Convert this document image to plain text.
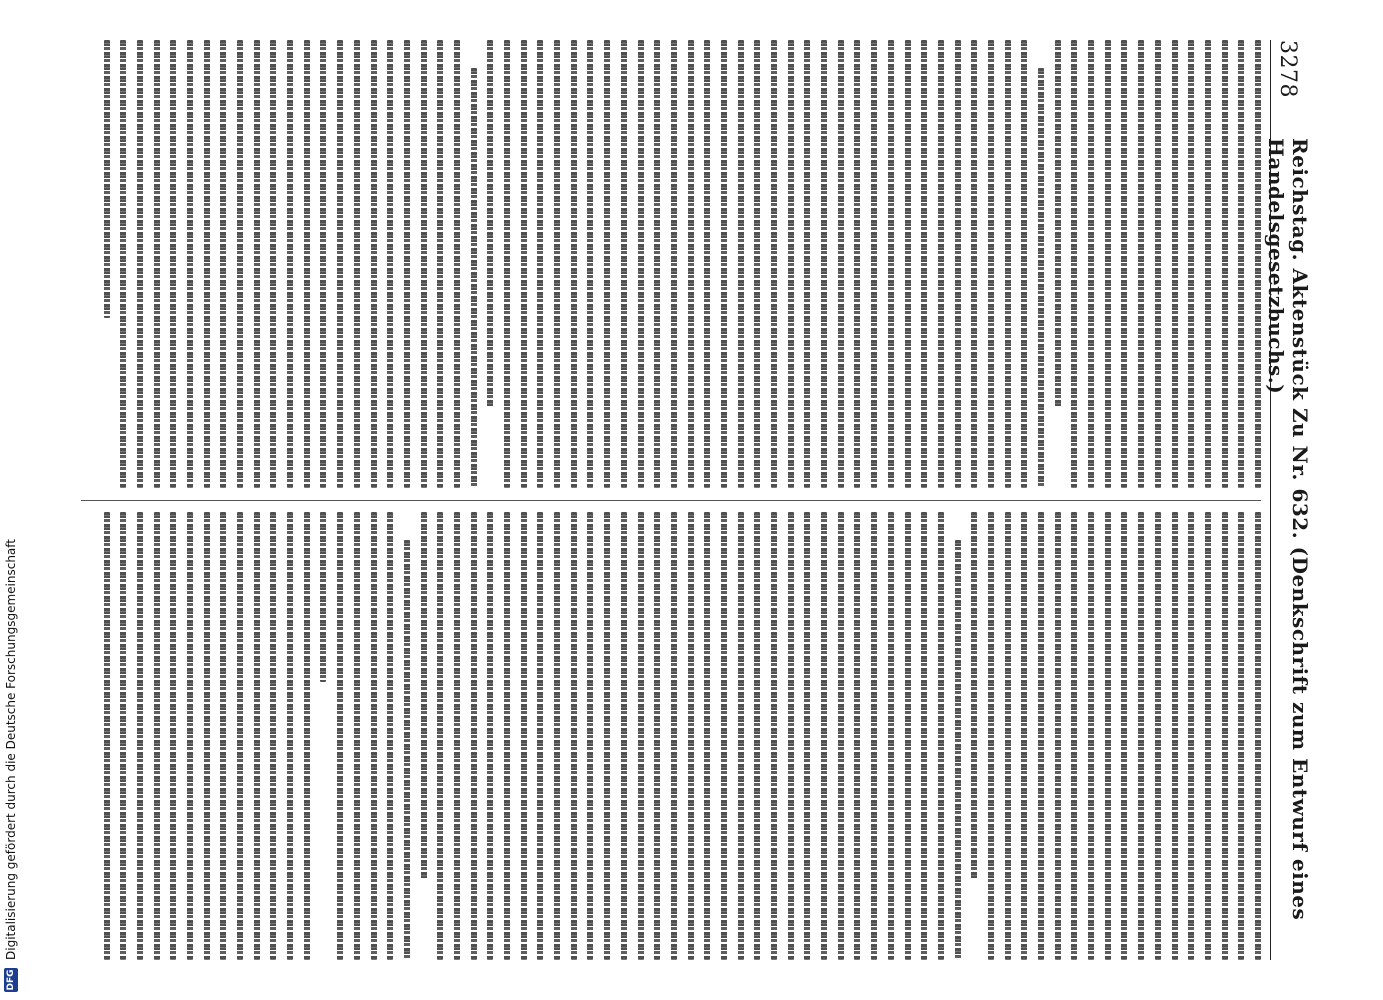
3278
Reichstag. Aktenstück Zu Nr. 632. (Denkschrift zum Entwurf eines Handelsgesetzbuchs.)
DFG
Digitalisierung gefördert durch die Deutsche Forschungsgemeinschaft
